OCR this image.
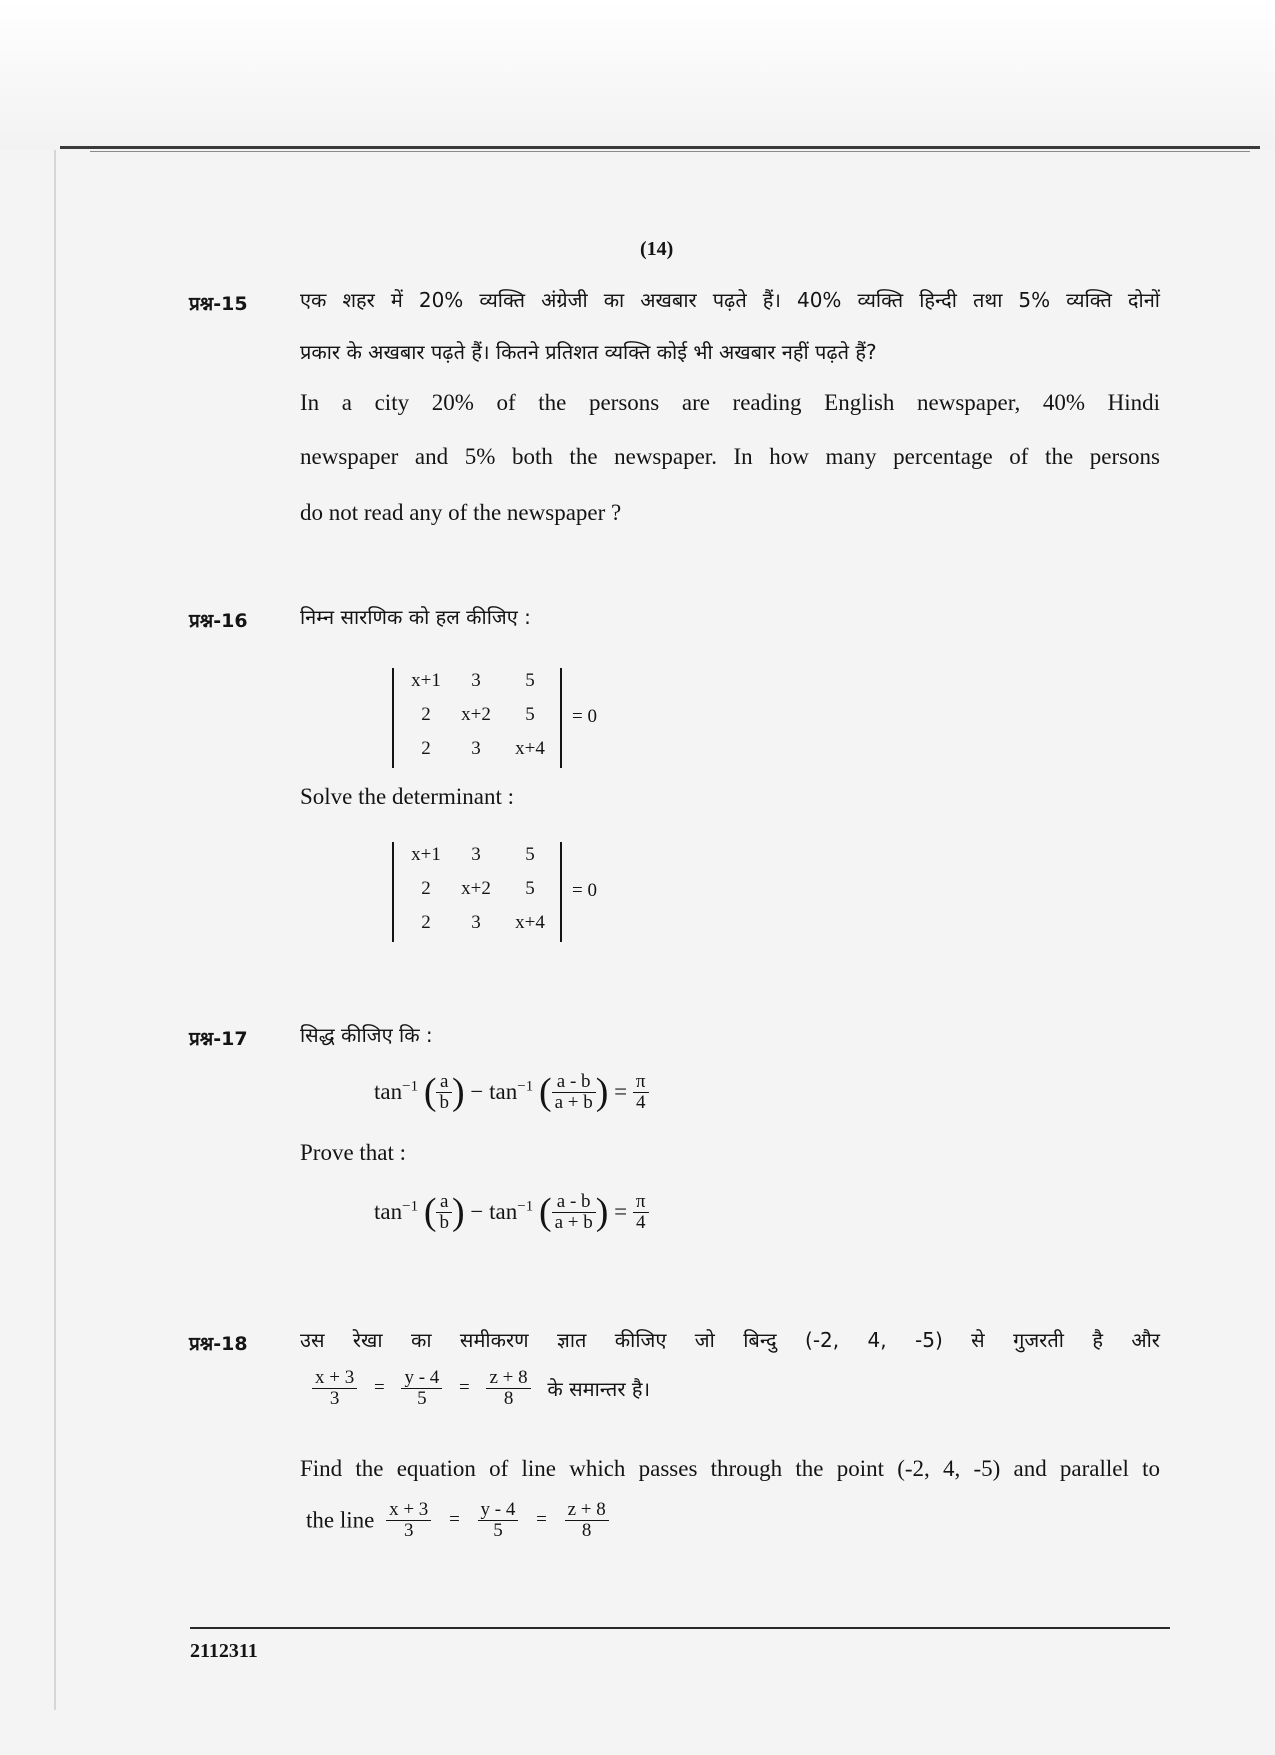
(14)
प्रश्न-15	एक शहर में 20% व्यक्ति अंग्रेजी का अखबार पढ़ते हैं। 40% व्यक्ति हिन्दी तथा 5% व्यक्ति दोनों
प्रकार के अखबार पढ़ते हैं। कितने प्रतिशत व्यक्ति कोई भी अखबार नहीं पढ़ते हैं?
In a city 20% of the persons are reading English newspaper, 40% Hindi
newspaper and 5% both the newspaper. In how many percentage of the persons
do not read any of the newspaper ?
प्रश्न-16	निम्न सारणिक को हल कीजिए :
x+1	3	5
2	x+2	5
2	3	x+4
= 0
Solve the determinant :
x+1	3	5
2	x+2	5
2	3	x+4
= 0
प्रश्न-17	सिद्ध कीजिए कि :
$\tan^{-1}$ ( $\frac{a}{b}$ ) − $\tan^{-1}$ ( $\frac{a - b}{a + b}$ ) = $\frac{\pi}{4}$
Prove that :
$\tan^{-1}$ ( $\frac{a}{b}$ ) − $\tan^{-1}$ ( $\frac{a - b}{a + b}$ ) = $\frac{\pi}{4}$
प्रश्न-18	उस रेखा का समीकरण ज्ञात कीजिए जो बिन्दु (-2, 4, -5) से गुजरती है और
$\frac{x + 3}{3} = \frac{y - 4}{5} = \frac{z + 8}{8}$ के समान्तर है।
Find the equation of line which passes through the point (-2, 4, -5) and parallel to
the line $\frac{x + 3}{3} = \frac{y - 4}{5} = \frac{z + 8}{8}$
2112311
